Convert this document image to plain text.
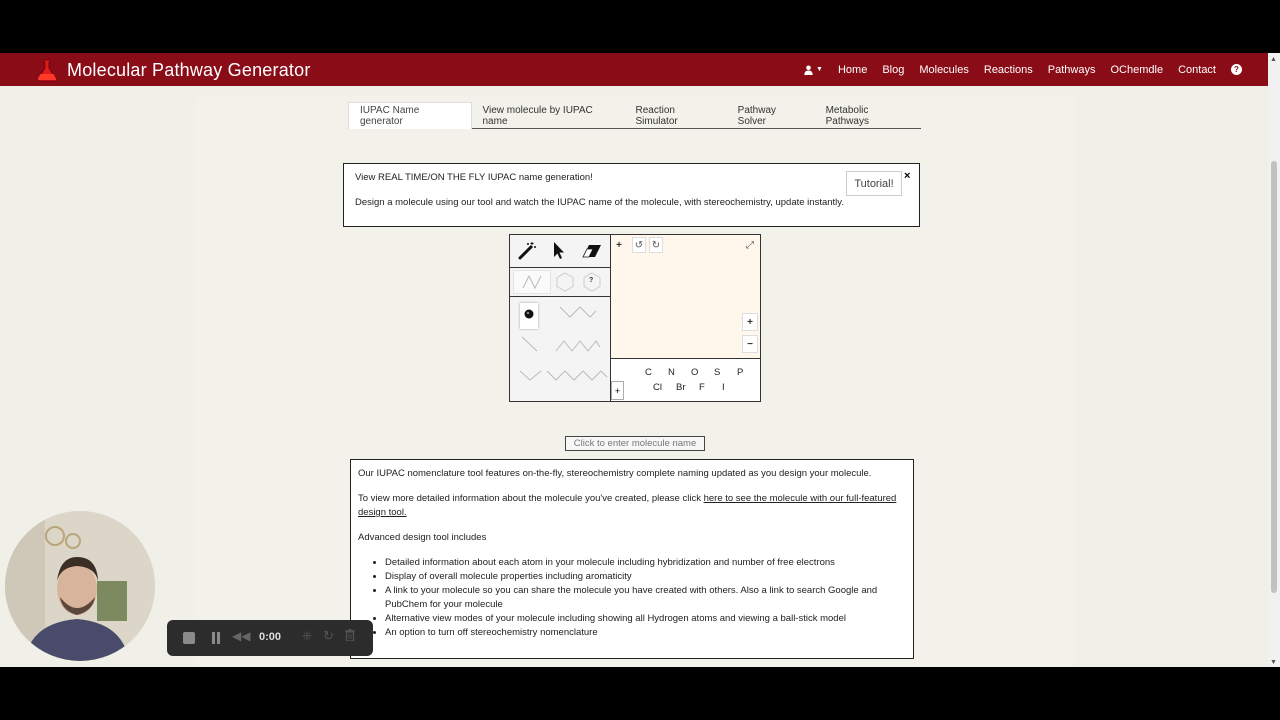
Molecular Pathway Generator	▼ Home Blog Molecules Reactions Pathways OChemdle Contact	?
▲
▼
IUPAC Name generator
View molecule by IUPAC name
Reaction Simulator
Pathway Solver
Metabolic Pathways
View REAL TIME/ON THE FLY IUPAC name generation!
Design a molecule using our tool and watch the IUPAC name of the molecule, with stereochemistry, update instantly.
Tutorial!
×
?
+	↺ ↻	⤢
+
−
C	N	O	S	P
Cl	Br	F	I
+
Click to enter molecule name
Our IUPAC nomenclature tool features on-the-fly, stereochemistry complete naming updated as you design your molecule.
To view more detailed information about the molecule you've created, please click here to see the molecule with our full-featured design tool.
Advanced design tool includes
• Detailed information about each atom in your molecule including hybridization and number of free electrons
• Display of overall molecule properties including aromaticity
• A link to your molecule so you can share the molecule you have created with others. Also a link to search Google and PubChem for your molecule
• Alternative view modes of your molecule including showing all Hydrogen atoms and viewing a ball-stick model
• An option to turn off stereochemistry nomenclature
◀◀ 0:00 ⁜ ↻
